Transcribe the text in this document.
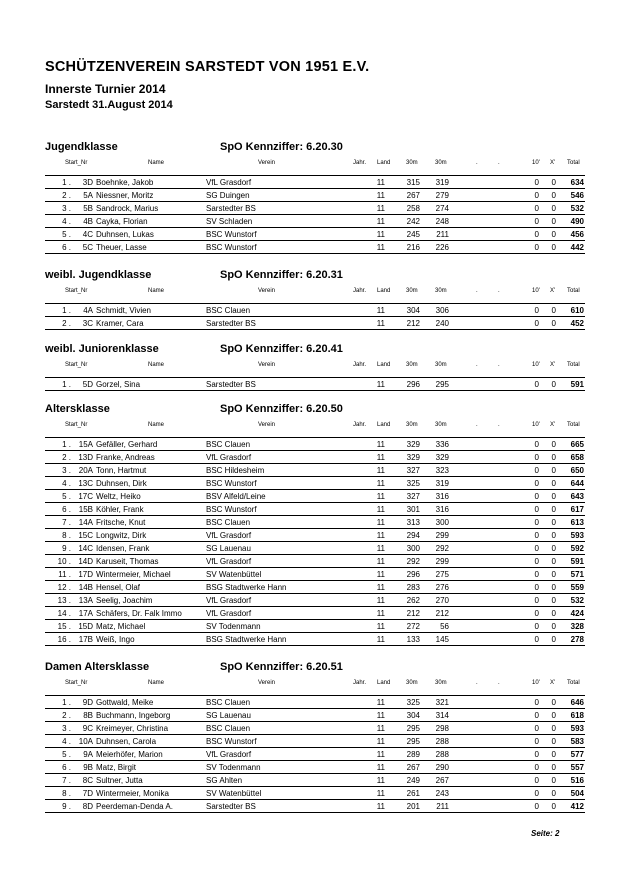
SCHÜTZENVEREIN SARSTEDT VON 1951 E.V.
Innerste Turnier 2014
Sarstedt 31.August 2014
Jugendklasse	SpO Kennziffer: 6.20.30
Start_Nr	Name	Verein	Jahr. Land	30m	30m	.	.	10' X' Total
1 . 3D Boehnke, Jakob	VfL Grasdorf	11	315 319	0 0 634
2 . 5A Niessner, Moritz	SG Duingen	11	267 279	0 0 546
3 . 5B Sandrock, Marius	Sarstedter BS	11	258 274	0 0 532
4 . 4B Cayka, Florian	SV Schladen	11	242 248	0 0 490
5 . 4C Duhnsen, Lukas	BSC Wunstorf	11	245 211	0 0 456
6 . 5C Theuer, Lasse	BSC Wunstorf	11	216 226	0 0 442
weibl. Jugendklasse	SpO Kennziffer: 6.20.31
Start_Nr	Name	Verein	Jahr. Land	30m	30m	.	.	10' X' Total
1 . 4A Schmidt, Vivien	BSC Clauen	11	304 306	0 0 610
2 . 3C Kramer, Cara	Sarstedter BS	11	212 240	0 0 452
weibl. Juniorenklasse	SpO Kennziffer: 6.20.41
Start_Nr	Name	Verein	Jahr. Land	30m	30m	.	.	10' X' Total
1 . 5D Gorzel, Sina	Sarstedter BS	11	296 295	0 0 591
Altersklasse	SpO Kennziffer: 6.20.50
Start_Nr	Name	Verein	Jahr. Land	30m	30m	.	.	10' X' Total
1 . 15A Gefäller, Gerhard	BSC Clauen	11	329 336	0 0 665
2 . 13D Franke, Andreas	VfL Grasdorf	11	329 329	0 0 658
3 . 20A Tonn, Hartmut	BSC Hildesheim	11	327 323	0 0 650
4 . 13C Duhnsen, Dirk	BSC Wunstorf	11	325 319	0 0 644
5 . 17C Weltz, Heiko	BSV Alfeld/Leine	11	327 316	0 0 643
6 . 15B Köhler, Frank	BSC Wunstorf	11	301 316	0 0 617
7 . 14A Fritsche, Knut	BSC Clauen	11	313 300	0 0 613
8 . 15C Longwitz, Dirk	VfL Grasdorf	11	294 299	0 0 593
9 . 14C Idensen, Frank	SG Lauenau	11	300 292	0 0 592
10 . 14D Karuseit, Thomas	VfL Grasdorf	11	292 299	0 0 591
11 . 17D Wintermeier, Michael	SV Watenbüttel	11	296 275	0 0 571
12 . 14B Hensel, Olaf	BSG Stadtwerke Hann	11	283 276	0 0 559
13 . 13A Seelig, Joachim	VfL Grasdorf	11	262 270	0 0 532
14 . 17A Schäfers, Dr. Falk Immo	VfL Grasdorf	11	212 212	0 0 424
15 . 15D Matz, Michael	SV Todenmann	11	272	56	0 0 328
16 . 17B Weiß, Ingo	BSG Stadtwerke Hann	11	133 145	0 0 278
Damen Altersklasse	SpO Kennziffer: 6.20.51
Start_Nr	Name	Verein	Jahr. Land	30m	30m	.	.	10' X' Total
1 . 9D Gottwald, Meike	BSC Clauen	11	325 321	0 0 646
2 . 8B Buchmann, Ingeborg	SG Lauenau	11	304 314	0 0 618
3 . 9C Kreimeyer, Christina	BSC Clauen	11	295 298	0 0 593
4 . 10A Duhnsen, Carola	BSC Wunstorf	11	295 288	0 0 583
5 . 9A Meierhöfer, Marion	VfL Grasdorf	11	289 288	0 0 577
6 . 9B Matz, Birgit	SV Todenmann	11	267 290	0 0 557
7 . 8C Sultner, Jutta	SG Ahlten	11	249 267	0 0 516
8 . 7D Wintermeier, Monika	SV Watenbüttel	11	261 243	0 0 504
9 . 8D Peerdeman-Denda A.	Sarstedter BS	11	201 211	0 0 412
Seite: 2
